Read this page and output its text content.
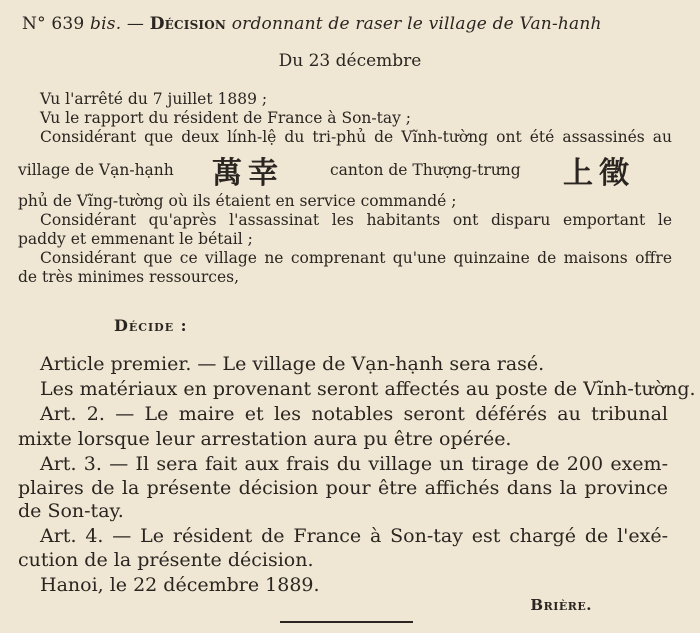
N° 639 bis. — Décision ordonnant de raser le village de Van-hanh
Du 23 décembre
Vu l'arrêté du 7 juillet 1889 ;
Vu le rapport du résident de France à Son-tay ;
Considérant que deux lính-lệ du tri-phủ de Vĩnh-tường ont été assassinés au
village de Vạn-hạnh 萬幸	canton de Thượng-trưng 上徵
phủ de Vĩng-tường où ils étaient en service commandé ;
Considérant qu'après l'assassinat les habitants ont disparu emportant le
paddy et emmenant le bétail ;
Considérant que ce village ne comprenant qu'une quinzaine de maisons offre
de très minimes ressources,
Décide :
Article premier. — Le village de Vạn-hạnh sera rasé.
Les matériaux en provenant seront affectés au poste de Vĩnh-tường.
Art. 2. — Le maire et les notables seront déférés au tribunal
mixte lorsque leur arrestation aura pu être opérée.
Art. 3. — Il sera fait aux frais du village un tirage de 200 exem-
plaires de la présente décision pour être affichés dans la province
de Son-tay.
Art. 4. — Le résident de France à Son-tay est chargé de l'exé-
cution de la présente décision.
Hanoi, le 22 décembre 1889.
Brière.
